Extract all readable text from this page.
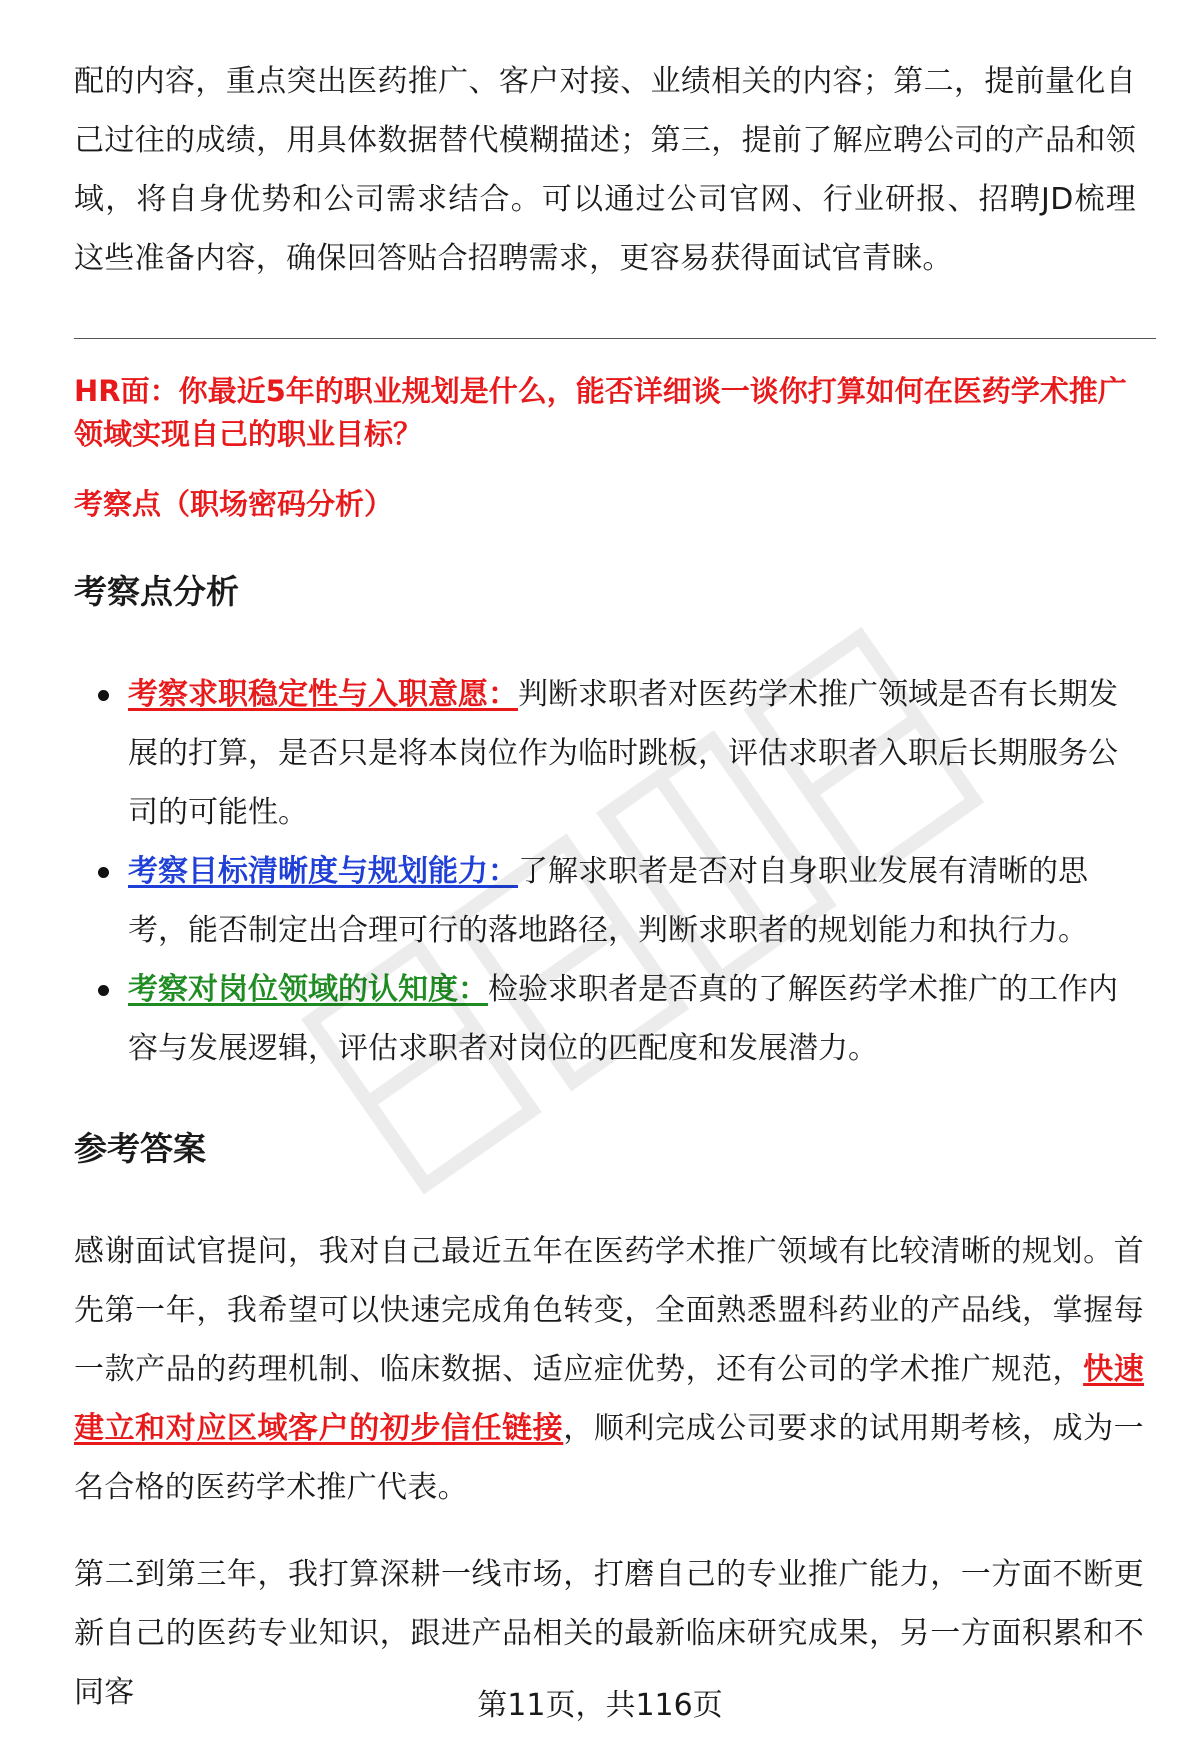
配的内容，重点突出医药推广、客户对接、业绩相关的内容；第二，提前量化自己过往的成绩，用具体数据替代模糊描述；第三，提前了解应聘公司的产品和领域，将自身优势和公司需求结合。可以通过公司官网、行业研报、招聘JD梳理这些准备内容，确保回答贴合招聘需求，更容易获得面试官青睐。

HR面：你最近5年的职业规划是什么，能否详细谈一谈你打算如何在医药学术推广领域实现自己的职业目标？

考察点（职场密码分析）

考察点分析
考察求职稳定性与入职意愿：判断求职者对医药学术推广领域是否有长期发展的打算，是否只是将本岗位作为临时跳板，评估求职者入职后长期服务公司的可能性。
考察目标清晰度与规划能力：了解求职者是否对自身职业发展有清晰的思考，能否制定出合理可行的落地路径，判断求职者的规划能力和执行力。
考察对岗位领域的认知度：检验求职者是否真的了解医药学术推广的工作内容与发展逻辑，评估求职者对岗位的匹配度和发展潜力。
参考答案

感谢面试官提问，我对自己最近五年在医药学术推广领域有比较清晰的规划。首先第一年，我希望可以快速完成角色转变，全面熟悉盟科药业的产品线，掌握每一款产品的药理机制、临床数据、适应症优势，还有公司的学术推广规范，快速建立和对应区域客户的初步信任链接，顺利完成公司要求的试用期考核，成为一名合格的医药学术推广代表。

第二到第三年，我打算深耕一线市场，打磨自己的专业推广能力，一方面不断更新自己的医药专业知识，跟进产品相关的最新临床研究成果，另一方面积累和不同客	第11页，共116页
